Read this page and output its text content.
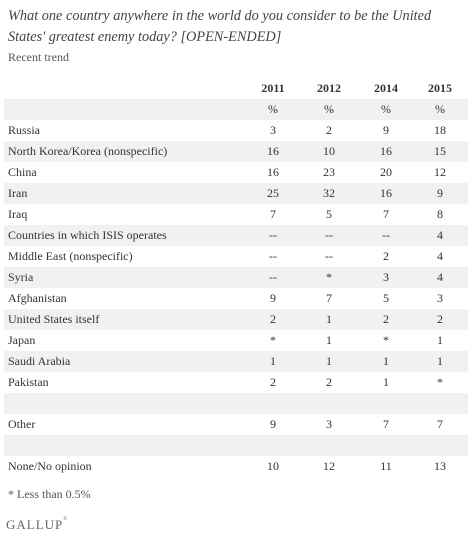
What one country anywhere in the world do you consider to be the United States' greatest enemy today? [OPEN-ENDED]
Recent trend
2011	2012	2014	2015
%	%	%	%
Russia	3	2	9	18
North Korea/Korea (nonspecific)	16	10	16	15
China	16	23	20	12
Iran	25	32	16	9
Iraq	7	5	7	8
Countries in which ISIS operates	--	--	--	4
Middle East (nonspecific)	--	--	2	4
Syria	--	*	3	4
Afghanistan	9	7	5	3
United States itself	2	1	2	2
Japan	*	1	*	1
Saudi Arabia	1	1	1	1
Pakistan	2	2	1	*
Other	9	3	7	7
None/No opinion	10	12	11	13
* Less than 0.5%
GALLUP®
